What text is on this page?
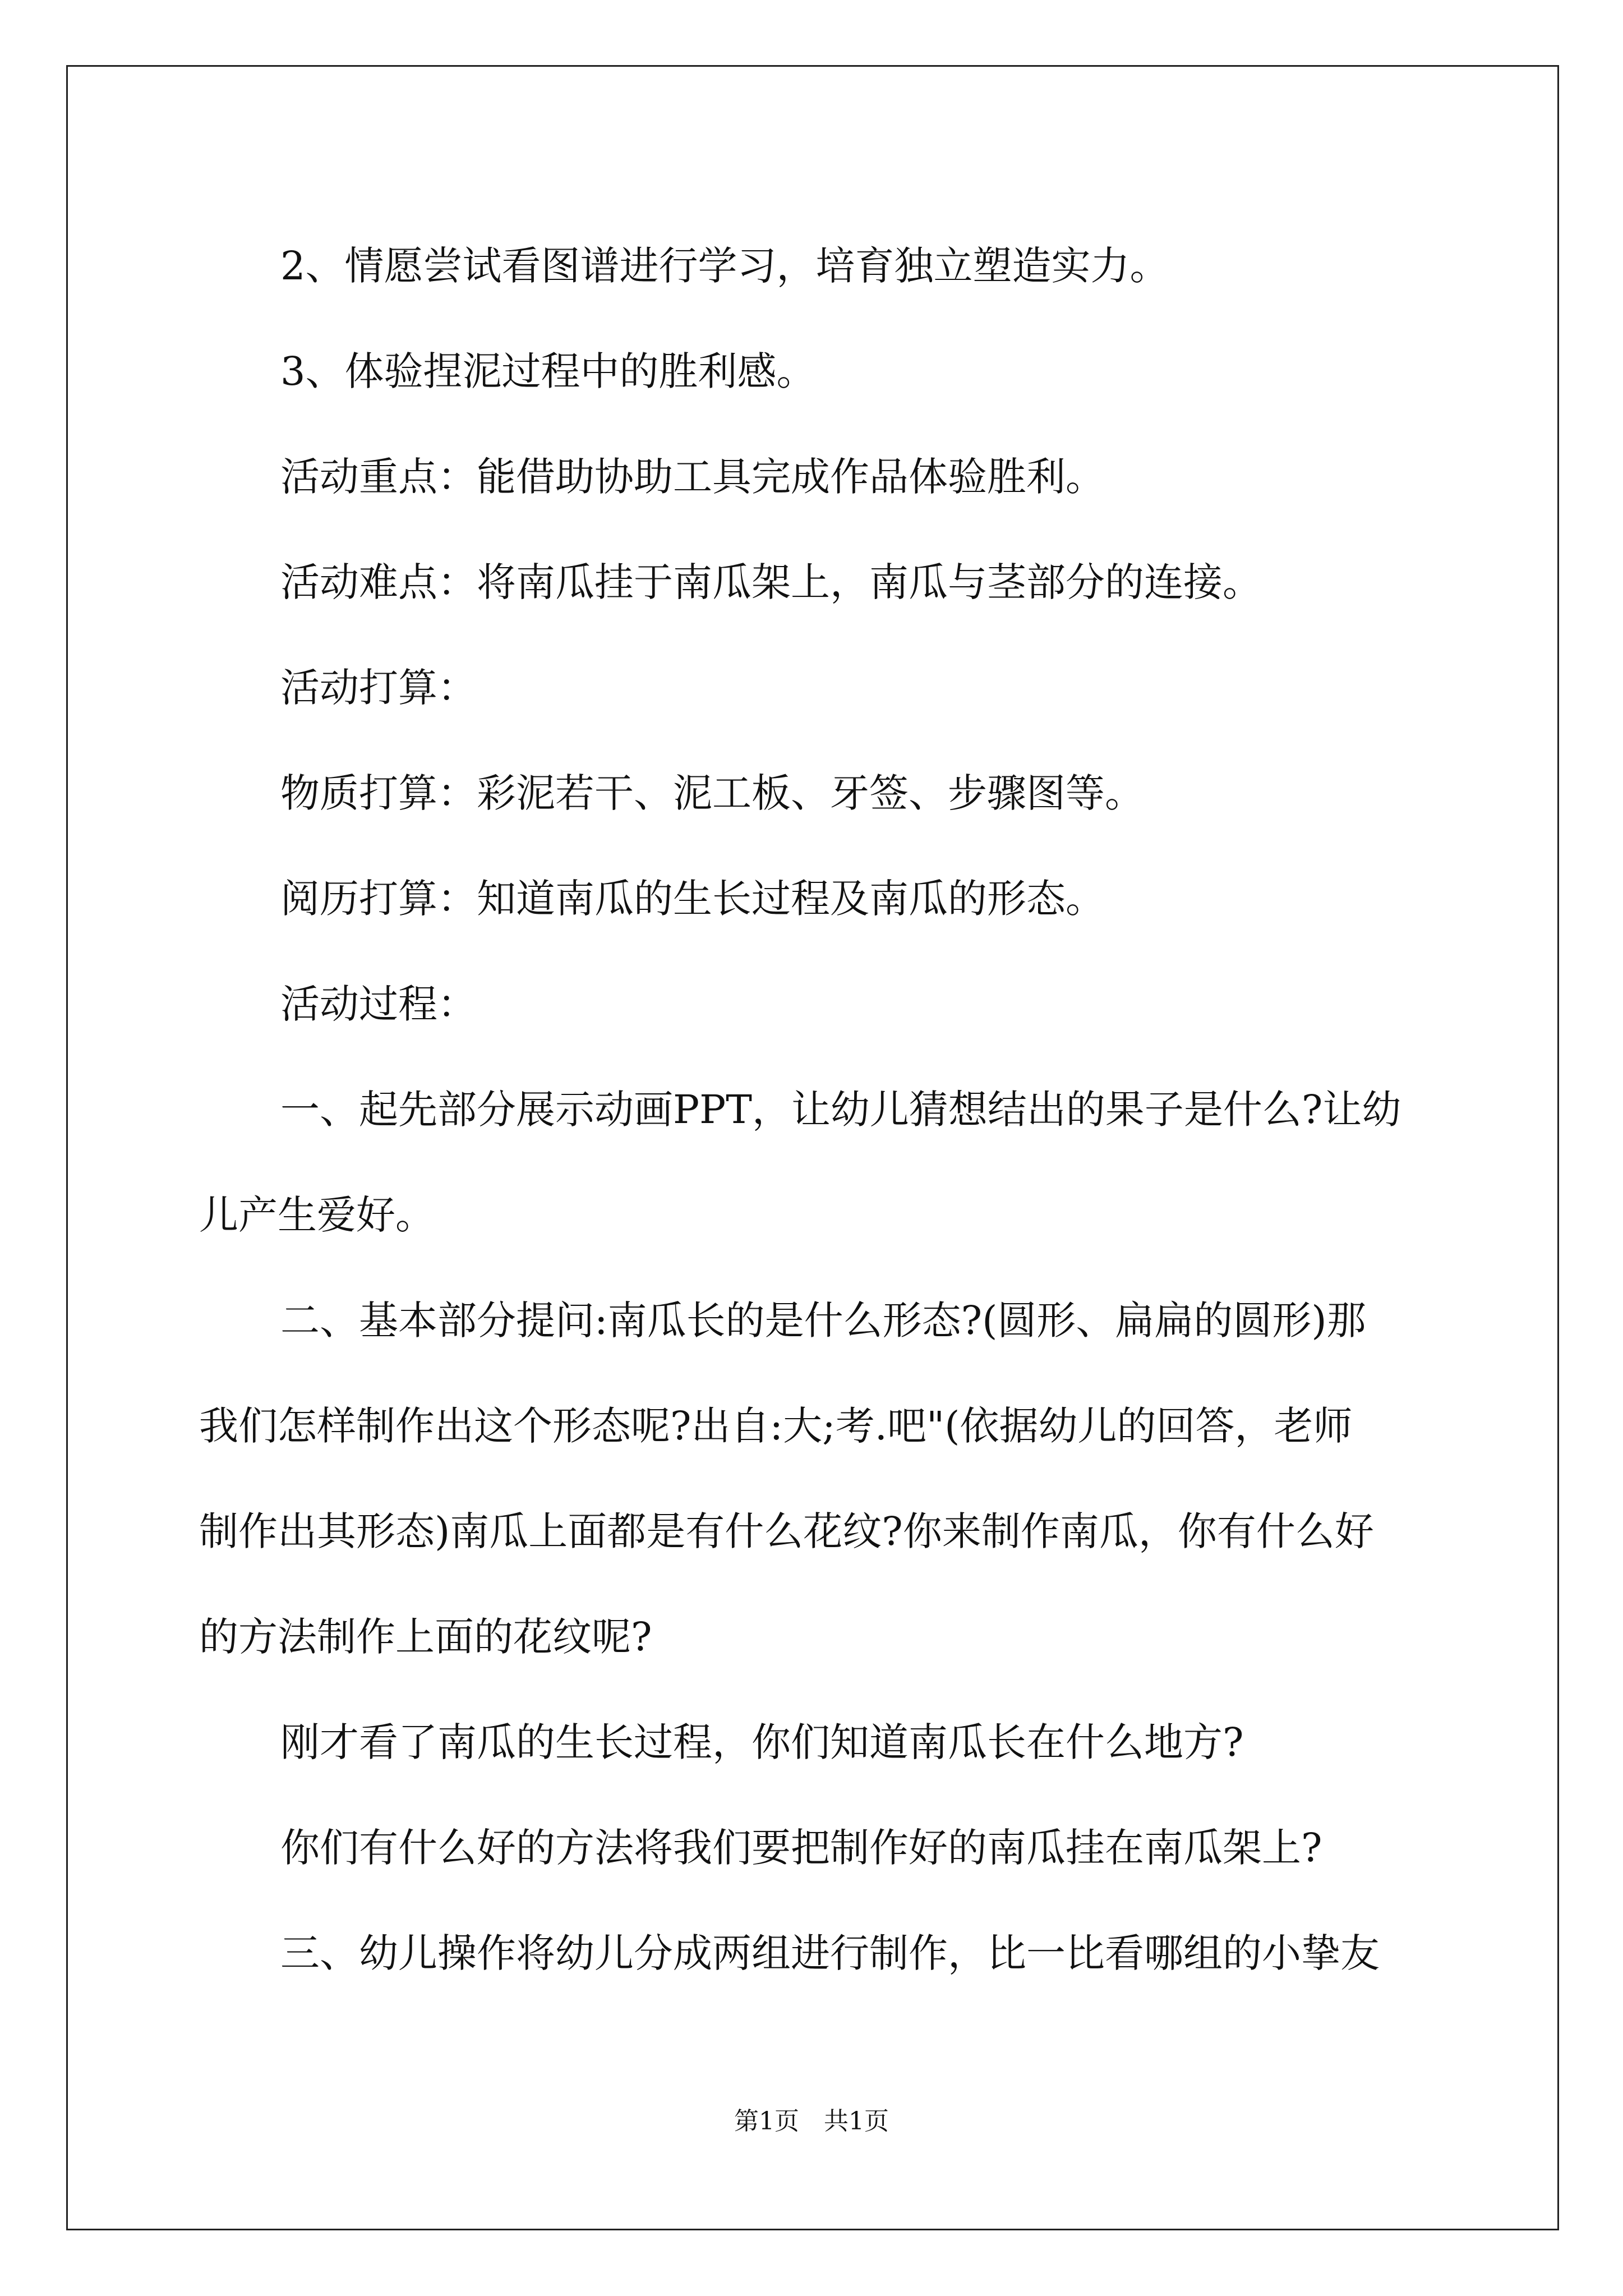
2、情愿尝试看图谱进行学习，培育独立塑造实力。
3、体验捏泥过程中的胜利感。
活动重点：能借助协助工具完成作品体验胜利。
活动难点：将南瓜挂于南瓜架上，南瓜与茎部分的连接。
活动打算：
物质打算：彩泥若干、泥工板、牙签、步骤图等。
阅历打算：知道南瓜的生长过程及南瓜的形态。
活动过程：
一、起先部分展示动画PPT，让幼儿猜想结出的果子是什么?让幼
儿产生爱好。
二、基本部分提问:南瓜长的是什么形态?(圆形、扁扁的圆形)那
我们怎样制作出这个形态呢?出自:大;考.吧"(依据幼儿的回答，老师
制作出其形态)南瓜上面都是有什么花纹?你来制作南瓜，你有什么好
的方法制作上面的花纹呢?
刚才看了南瓜的生长过程，你们知道南瓜长在什么地方?
你们有什么好的方法将我们要把制作好的南瓜挂在南瓜架上?
三、幼儿操作将幼儿分成两组进行制作，比一比看哪组的小挚友
第1页　共1页
